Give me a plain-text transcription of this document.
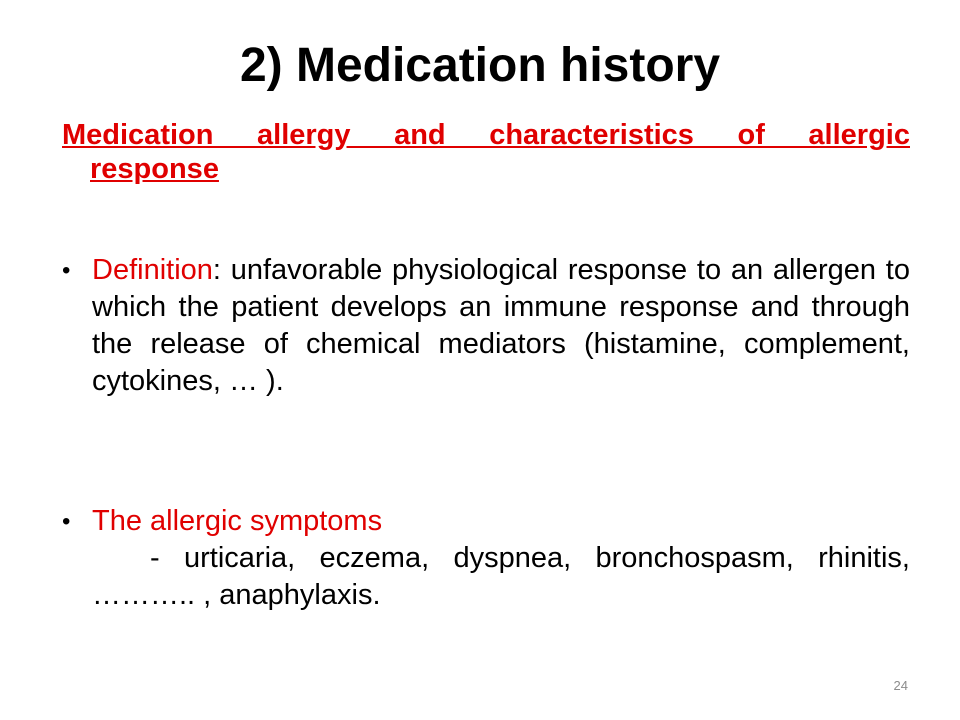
2) Medication history
Medication allergy and characteristics of allergic
response
• Definition: unfavorable physiological response to an allergen to which the patient develops an immune response and through the release of chemical mediators (histamine, complement, cytokines, … ).
• The allergic symptoms
- urticaria, eczema, dyspnea, bronchospasm, rhinitis, ……….. , anaphylaxis.
24
